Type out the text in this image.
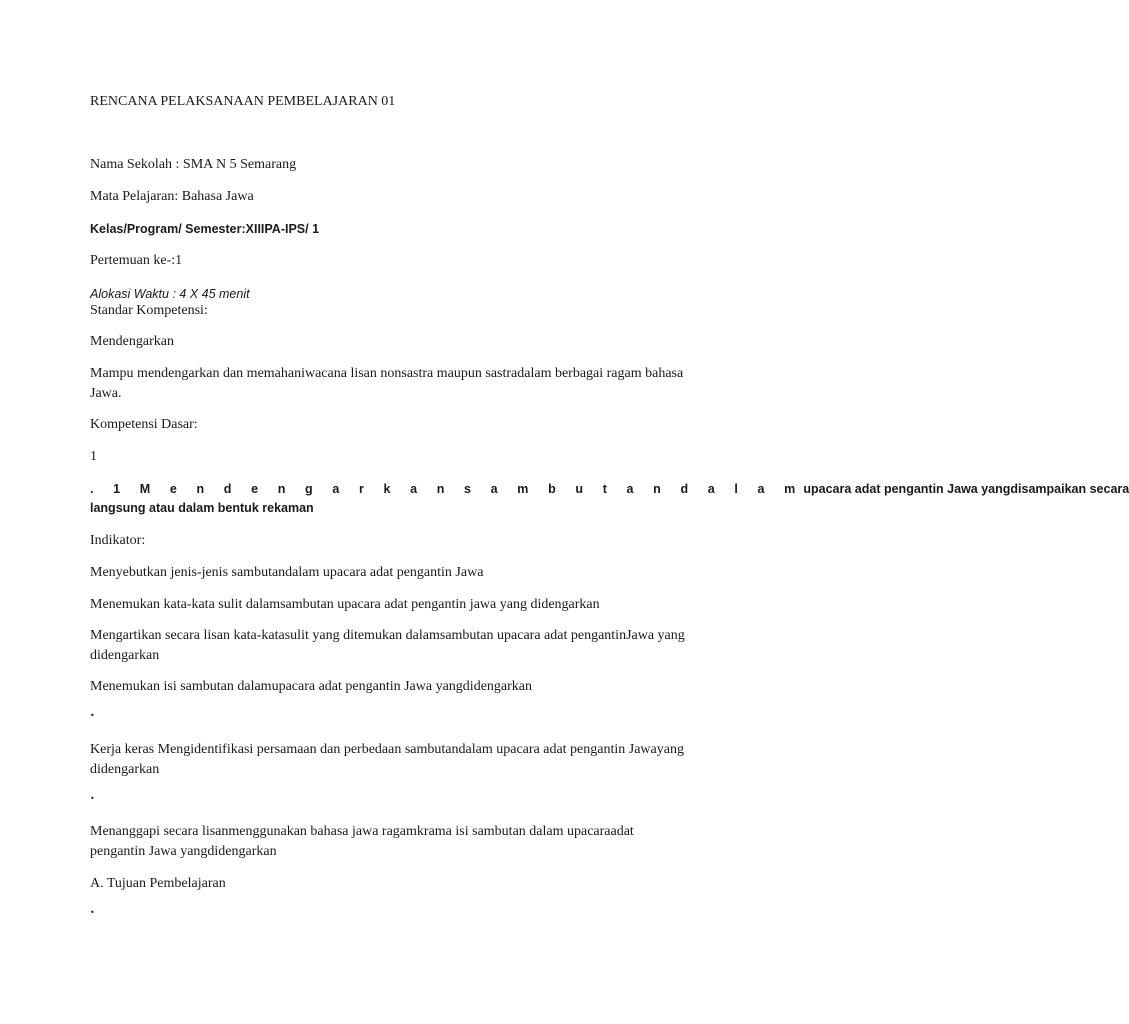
RENCANA PELAKSANAAN PEMBELAJARAN 01

Nama Sekolah : SMA N 5 Semarang

Mata Pelajaran: Bahasa Jawa

Kelas/Program/ Semester:XIIIPA-IPS/ 1

Pertemuan ke-:1

Alokasi Waktu : 4 X 45 menit

Standar Kompetensi:

Mendengarkan

Mampu mendengarkan dan memahaniwacana lisan nonsastra maupun sastradalam berbagai ragam bahasa

Jawa.

Kompetensi Dasar:

1

. 1 M e n d e n g a r k a n s a m b u t a n d a l a m upacara adat pengantin Jawa yangdisampaikan secara

langsung atau dalam bentuk rekaman

Indikator:

Menyebutkan jenis-jenis sambutandalam upacara adat pengantin Jawa

Menemukan kata-kata sulit dalamsambutan upacara adat pengantin jawa yang didengarkan

Mengartikan secara lisan kata-katasulit yang ditemukan dalamsambutan upacara adat pengantinJawa yang

didengarkan

Menemukan isi sambutan dalamupacara adat pengantin Jawa yangdidengarkan

•

Kerja keras Mengidentifikasi persamaan dan perbedaan sambutandalam upacara adat pengantin Jawayang

didengarkan

•

Menanggapi secara lisanmenggunakan bahasa jawa ragamkrama isi sambutan dalam upacaraadat

pengantin Jawa yangdidengarkan

A. Tujuan Pembelajaran

•
